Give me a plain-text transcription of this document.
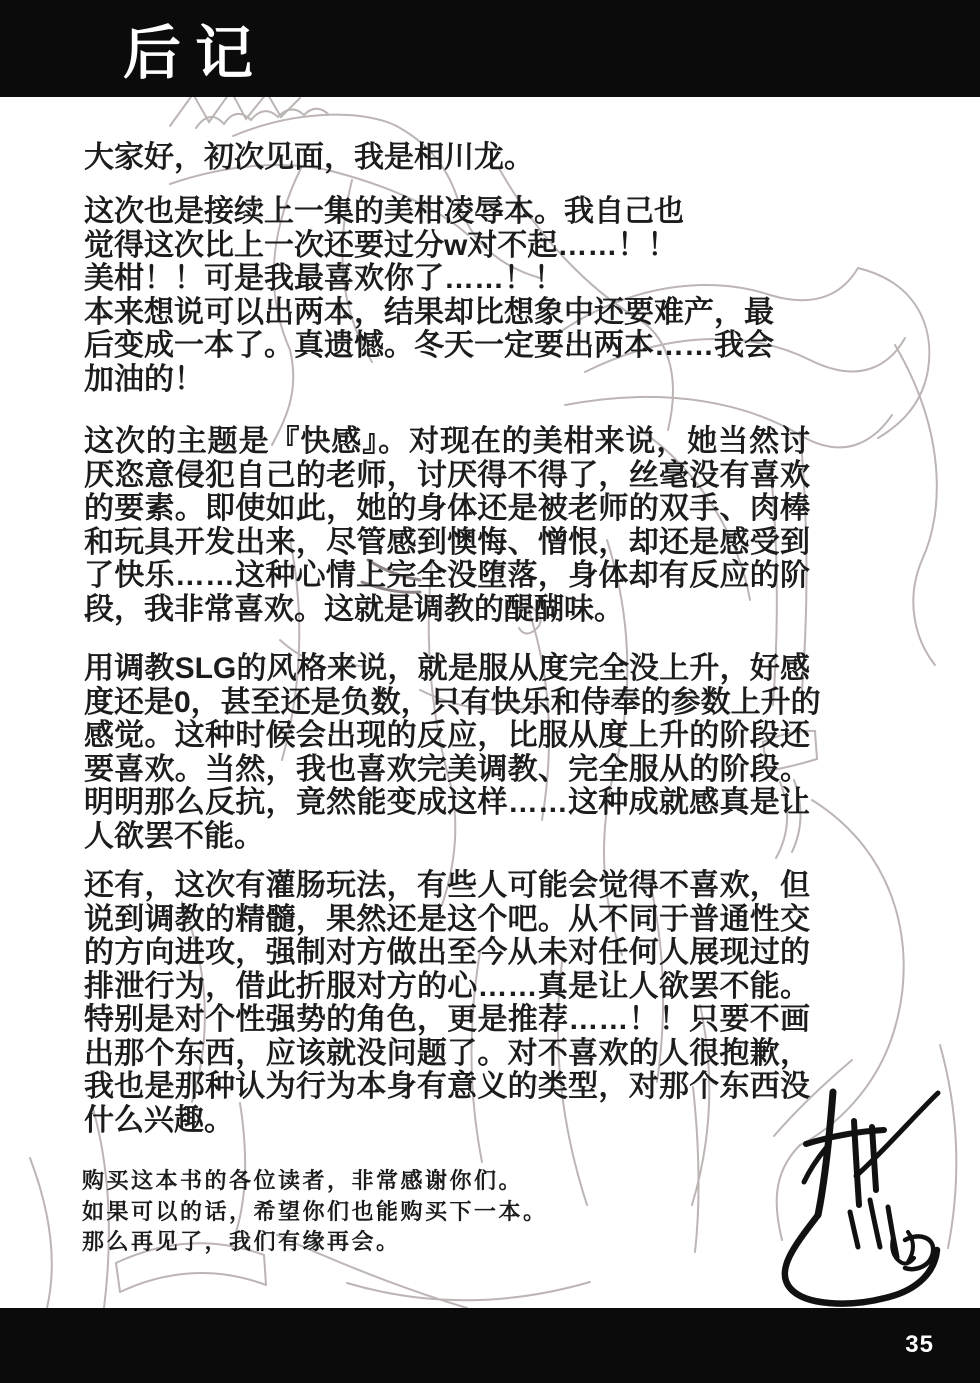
后记
大家好，初次见面，我是相川龙。
这次也是接续上一集的美柑凌辱本。我自己也
觉得这次比上一次还要过分w对不起……！！
美柑！！可是我最喜欢你了……！！
本来想说可以出两本，结果却比想象中还要难产，最
后变成一本了。真遗憾。冬天一定要出两本……我会
加油的！
这次的主题是『快感』。对现在的美柑来说，她当然讨
厌恣意侵犯自己的老师，讨厌得不得了，丝毫没有喜欢
的要素。即使如此，她的身体还是被老师的双手、肉棒
和玩具开发出来，尽管感到懊悔、憎恨，却还是感受到
了快乐……这种心情上完全没堕落，身体却有反应的阶
段，我非常喜欢。这就是调教的醍醐味。
用调教SLG的风格来说，就是服从度完全没上升，好感
度还是0，甚至还是负数，只有快乐和侍奉的参数上升的
感觉。这种时候会出现的反应，比服从度上升的阶段还
要喜欢。当然，我也喜欢完美调教、完全服从的阶段。
明明那么反抗，竟然能变成这样……这种成就感真是让
人欲罢不能。
还有，这次有灌肠玩法，有些人可能会觉得不喜欢，但
说到调教的精髓，果然还是这个吧。从不同于普通性交
的方向进攻，强制对方做出至今从未对任何人展现过的
排泄行为，借此折服对方的心……真是让人欲罢不能。
特别是对个性强势的角色，更是推荐……！！只要不画
出那个东西，应该就没问题了。对不喜欢的人很抱歉，
我也是那种认为行为本身有意义的类型，对那个东西没
什么兴趣。
购买这本书的各位读者，非常感谢你们。
如果可以的话，希望你们也能购买下一本。
那么再见了，我们有缘再会。
35
